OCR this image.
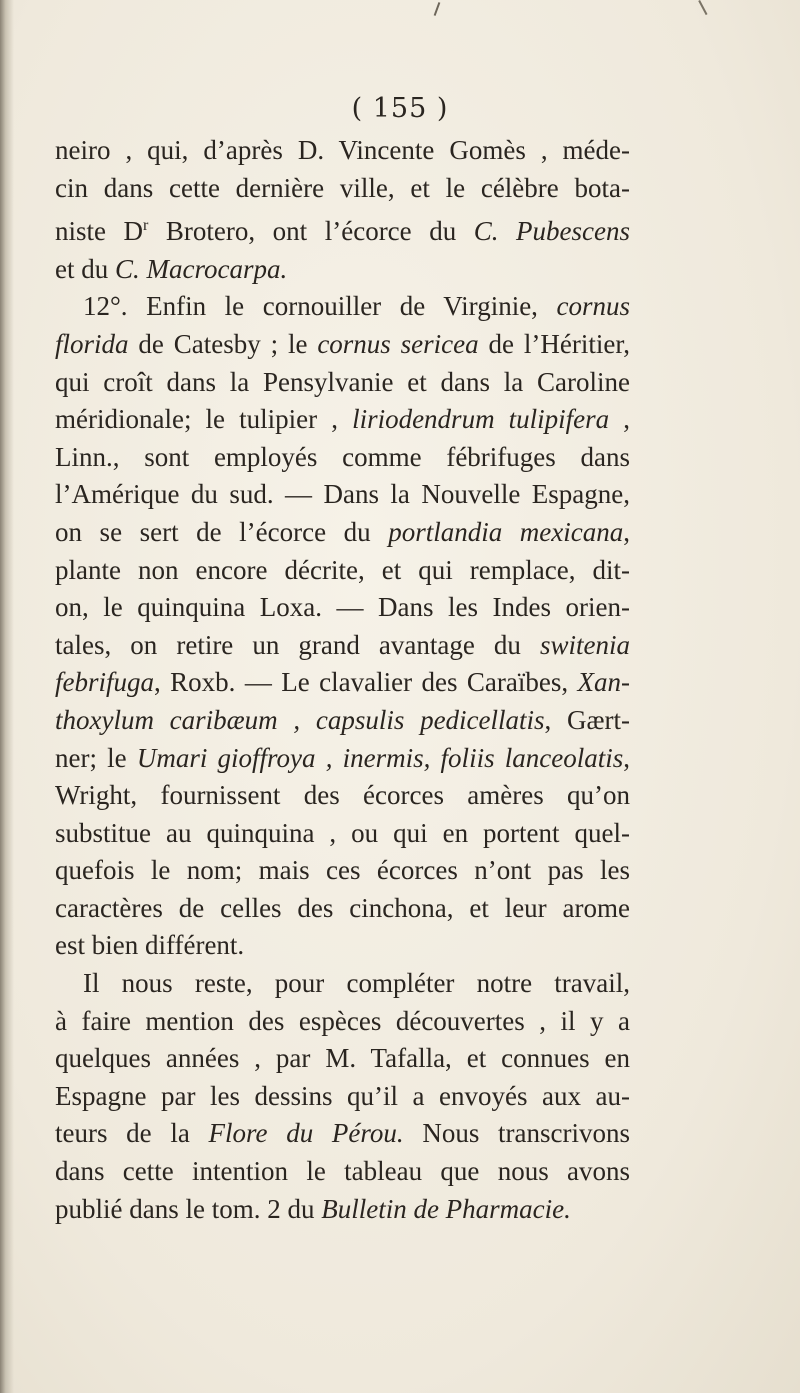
( 155 )
neiro , qui, d’après D. Vincente Gomès , méde-
cin dans cette dernière ville, et le célèbre bota-
niste $D^r$ Brotero, ont l’écorce du C. Pubescens
et du C. Macrocarpa.
12°. Enfin le cornouiller de Virginie, cornus
florida de Catesby ; le cornus sericea de l’Héritier,
qui croît dans la Pensylvanie et dans la Caroline
méridionale; le tulipier , liriodendrum tulipifera ,
Linn., sont employés comme fébrifuges dans
l’Amérique du sud. — Dans la Nouvelle Espagne,
on se sert de l’écorce du portlandia mexicana,
plante non encore décrite, et qui remplace, dit-
on, le quinquina Loxa. — Dans les Indes orien-
tales, on retire un grand avantage du switenia
febrifuga, Roxb. — Le clavalier des Caraïbes, Xan-
thoxylum caribæum , capsulis pedicellatis, Gært-
ner; le Umari gioffroya , inermis, foliis lanceolatis,
Wright, fournissent des écorces amères qu’on
substitue au quinquina , ou qui en portent quel-
quefois le nom; mais ces écorces n’ont pas les
caractères de celles des cinchona, et leur arome
est bien différent.
Il nous reste, pour compléter notre travail,
à faire mention des espèces découvertes , il y a
quelques années , par M. Tafalla, et connues en
Espagne par les dessins qu’il a envoyés aux au-
teurs de la Flore du Pérou. Nous transcrivons
dans cette intention le tableau que nous avons
publié dans le tom. 2 du Bulletin de Pharmacie.
